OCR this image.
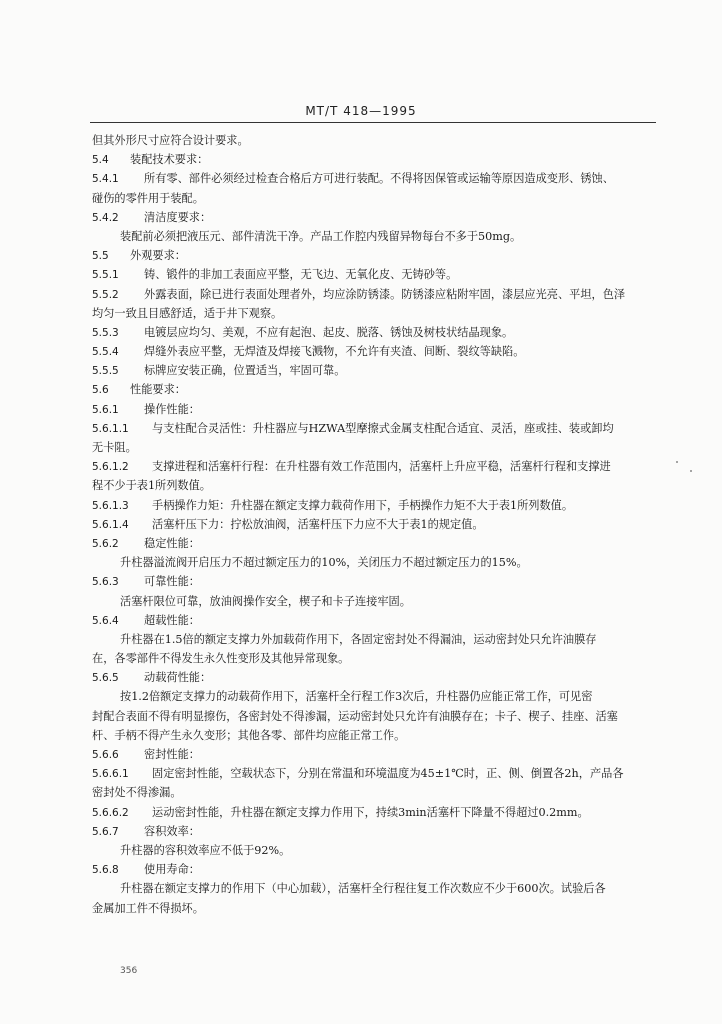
MT/T 418—1995
但其外形尺寸应符合设计要求。
5.4 装配技术要求：
5.4.1 所有零、部件必须经过检查合格后方可进行装配。不得将因保管或运输等原因造成变形、锈蚀、
碰伤的零件用于装配。
5.4.2 清洁度要求：
装配前必须把液压元、部件清洗干净。产品工作腔内残留异物每台不多于50mg。
5.5 外观要求：
5.5.1 铸、锻件的非加工表面应平整，无飞边、无氧化皮、无铸砂等。
5.5.2 外露表面，除已进行表面处理者外，均应涂防锈漆。防锈漆应粘附牢固，漆层应光亮、平坦，色泽
均匀一致且目感舒适，适于井下观察。
5.5.3 电镀层应均匀、美观，不应有起泡、起皮、脱落、锈蚀及树枝状结晶现象。
5.5.4 焊缝外表应平整，无焊渣及焊接飞溅物，不允许有夹渣、间断、裂纹等缺陷。
5.5.5 标牌应安装正确，位置适当，牢固可靠。
5.6 性能要求：
5.6.1 操作性能：
5.6.1.1 与支柱配合灵活性：升柱器应与HZWA型摩擦式金属支柱配合适宜、灵活，座或挂、装或卸均
无卡阻。
5.6.1.2 支撑进程和活塞杆行程：在升柱器有效工作范围内，活塞杆上升应平稳，活塞杆行程和支撑进
程不少于表1所列数值。
5.6.1.3 手柄操作力矩：升柱器在额定支撑力载荷作用下，手柄操作力矩不大于表1所列数值。
5.6.1.4 活塞杆压下力：拧松放油阀，活塞杆压下力应不大于表1的规定值。
5.6.2 稳定性能：
升柱器溢流阀开启压力不超过额定压力的10%，关闭压力不超过额定压力的15%。
5.6.3 可靠性能：
活塞杆限位可靠，放油阀操作安全，楔子和卡子连接牢固。
5.6.4 超载性能：
升柱器在1.5倍的额定支撑力外加载荷作用下，各固定密封处不得漏油，运动密封处只允许油膜存
在，各零部件不得发生永久性变形及其他异常现象。
5.6.5 动载荷性能：
按1.2倍额定支撑力的动载荷作用下，活塞杆全行程工作3次后，升柱器仍应能正常工作，可见密
封配合表面不得有明显擦伤，各密封处不得渗漏，运动密封处只允许有油膜存在；卡子、楔子、挂座、活塞
杆、手柄不得产生永久变形；其他各零、部件均应能正常工作。
5.6.6 密封性能：
5.6.6.1 固定密封性能，空载状态下，分别在常温和环境温度为45±1℃时，正、侧、倒置各2h，产品各
密封处不得渗漏。
5.6.6.2 运动密封性能，升柱器在额定支撑力作用下，持续3min活塞杆下降量不得超过0.2mm。
5.6.7 容积效率：
升柱器的容积效率应不低于92%。
5.6.8 使用寿命：
升柱器在额定支撑力的作用下（中心加载），活塞杆全行程往复工作次数应不少于600次。试验后各
金属加工件不得损坏。
356
